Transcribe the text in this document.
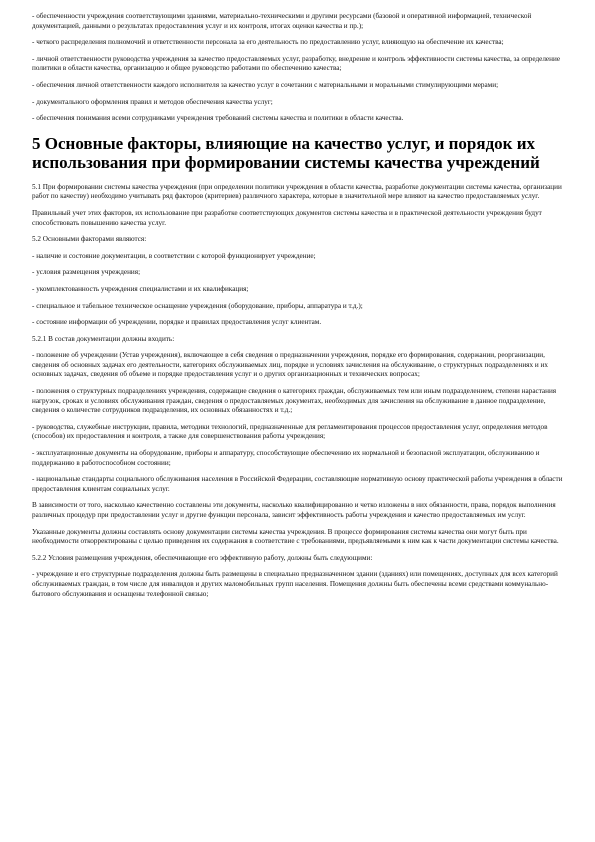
- обеспеченности учреждения соответствующими зданиями, материально-техническими и другими ресурсами (базовой и оперативной информацией, технической документацией, данными о результатах предоставления услуг и их контроля, итогах оценки качества и пр.);

- четкого распределения полномочий и ответственности персонала за его деятельность по предоставлению услуг, влияющую на обеспечение их качества;

- личной ответственности руководства учреждения за качество предоставляемых услуг, разработку, внедрение и контроль эффективности системы качества, за определение политики в области качества, организацию и общее руководство работами по обеспечению качества;

- обеспечения личной ответственности каждого исполнителя за качество услуг в сочетании с материальными и моральными стимулирующими мерами;

- документального оформления правил и методов обеспечения качества услуг;

- обеспечения понимания всеми сотрудниками учреждения требований системы качества и политики в области качества.

5 Основные факторы, влияющие на качество услуг, и порядок их использования при формировании системы качества учреждений

5.1 При формировании системы качества учреждения (при определении политики учреждения в области качества, разработке документации системы качества, организации работ по качеству) необходимо учитывать ряд факторов (критериев) различного характера, которые в значительной мере влияют на качество предоставляемых услуг.

Правильный учет этих факторов, их использование при разработке соответствующих документов системы качества и в практической деятельности учреждения будут способствовать повышению качества услуг.

5.2 Основными факторами являются:

- наличие и состояние документации, в соответствии с которой функционирует учреждение;

- условия размещения учреждения;

- укомплектованность учреждения специалистами и их квалификация;

- специальное и табельное техническое оснащение учреждения (оборудование, приборы, аппаратура и т.д.);

- состояние информации об учреждении, порядке и правилах предоставления услуг клиентам.

5.2.1 В состав документации должны входить:

- положение об учреждении (Устав учреждения), включающее в себя сведения о предназначении учреждения, порядке его формирования, содержании, реорганизации, сведения об основных задачах его деятельности, категориях обслуживаемых лиц, порядке и условиях зачисления на обслуживание, о структурных подразделениях и их основных задачах, сведения об объеме и порядке предоставления услуг и о других организационных и технических вопросах;

- положения о структурных подразделениях учреждения, содержащие сведения о категориях граждан, обслуживаемых тем или иным подразделением, степени нарастания нагрузок, сроках и условиях обслуживания граждан, сведения о предоставляемых документах, необходимых для зачисления на обслуживание в данное подразделение, сведения о количестве сотрудников подразделения, их основных обязанностях и т.д.;

- руководства, служебные инструкции, правила, методики технологий, предназначенные для регламентирования процессов предоставления услуг, определения методов (способов) их предоставления и контроля, а также для совершенствования работы учреждения;

- эксплуатационные документы на оборудование, приборы и аппаратуру, способствующие обеспечению их нормальной и безопасной эксплуатации, обслуживанию и поддержанию в работоспособном состоянии;

- национальные стандарты социального обслуживания населения в Российской Федерации, составляющие нормативную основу практической работы учреждения в области предоставления клиентам социальных услуг.

В зависимости от того, насколько качественно составлены эти документы, насколько квалифицированно и четко изложены в них обязанности, права, порядок выполнения различных процедур при предоставлении услуг и другие функции персонала, зависит эффективность работы учреждения и качество предоставляемых им услуг.

Указанные документы должны составлять основу документации системы качества учреждения. В процессе формирования системы качества они могут быть при необходимости откорректированы с целью приведения их содержания в соответствие с требованиями, предъявляемыми к ним как к части документации системы качества.

5.2.2 Условия размещения учреждения, обеспечивающие его эффективную работу, должны быть следующими:

- учреждение и его структурные подразделения должны быть размещены в специально предназначенном здании (зданиях) или помещениях, доступных для всех категорий обслуживаемых граждан, в том числе для инвалидов и других маломобильных групп населения. Помещения должны быть обеспечены всеми средствами коммунально-бытового обслуживания и оснащены телефонной связью;
